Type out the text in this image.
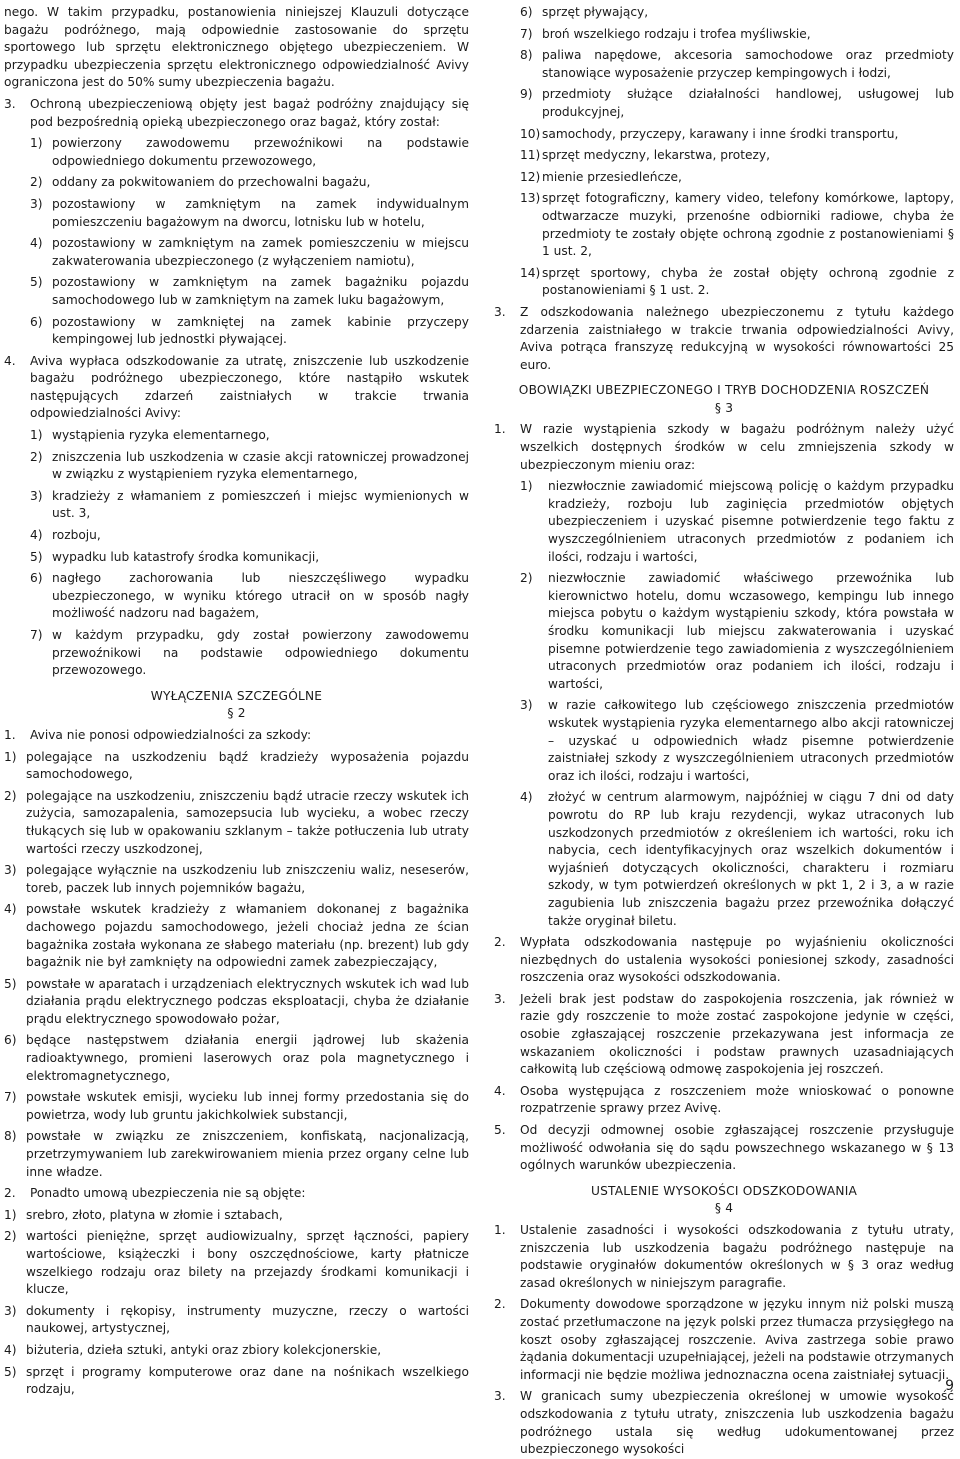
nego. W takim przypadku, postanowienia niniejszej Klauzuli dotyczące bagażu podróżnego, mają odpowiednie zastosowanie do sprzętu sportowego lub sprzętu elektronicznego objętego ubezpieczeniem. W przypadku ubezpieczenia sprzętu elektronicznego odpowiedzialność Avivy ograniczona jest do 50% sumy ubezpieczenia bagażu.

3.	Ochroną ubezpieczeniową objęty jest bagaż podróżny znajdujący się pod bezpośrednią opieką ubezpieczonego oraz bagaż, który został:

1) powierzony zawodowemu przewoźnikowi na podstawie odpowiedniego dokumentu przewozowego,
2) oddany za pokwitowaniem do przechowalni bagażu,
3) pozostawiony w zamkniętym na zamek indywidualnym pomieszczeniu bagażowym na dworcu, lotnisku lub w hotelu,
4) pozostawiony w zamkniętym na zamek pomieszczeniu w miejscu zakwaterowania ubezpieczonego (z wyłączeniem namiotu),
5) pozostawiony w zamkniętym na zamek bagażniku pojazdu samochodowego lub w zamkniętym na zamek luku bagażowym,
6) pozostawiony w zamkniętej na zamek kabinie przyczepy kempingowej lub jednostki pływającej.
4.	Aviva wypłaca odszkodowanie za utratę, zniszczenie lub uszkodzenie bagażu podróżnego ubezpieczonego, które nastąpiło wskutek następujących zdarzeń zaistniałych w trakcie trwania odpowiedzialności Avivy:

1) wystąpienia ryzyka elementarnego,
2) zniszczenia lub uszkodzenia w czasie akcji ratowniczej prowadzonej w związku z wystąpieniem ryzyka elementarnego,
3) kradzieży z włamaniem z pomieszczeń i miejsc wymienionych w ust. 3,
4) rozboju,
5) wypadku lub katastrofy środka komunikacji,
6) nagłego zachorowania lub nieszczęśliwego wypadku ubezpieczonego, w wyniku którego utracił on w sposób nagły możliwość nadzoru nad bagażem,
7) w każdym przypadku, gdy został powierzony zawodowemu przewoźnikowi na podstawie odpowiedniego dokumentu przewozowego.
WYŁĄCZENIA SZCZEGÓLNE
§ 2
1.	Aviva nie ponosi odpowiedzialności za szkody:

1) polegające na uszkodzeniu bądź kradzieży wyposażenia pojazdu samochodowego,
2) polegające na uszkodzeniu, zniszczeniu bądź utracie rzeczy wskutek ich zużycia, samozapalenia, samozepsucia lub wycieku, a wobec rzeczy tłukących się lub w opakowaniu szklanym – także potłuczenia lub utraty wartości rzeczy uszkodzonej,
3) polegające wyłącznie na uszkodzeniu lub zniszczeniu waliz, neseserów, toreb, paczek lub innych pojemników bagażu,
4) powstałe wskutek kradzieży z włamaniem dokonanej z bagażnika dachowego pojazdu samochodowego, jeżeli chociaż jedna ze ścian bagażnika została wykonana ze słabego materiału (np. brezent) lub gdy bagażnik nie był zamknięty na odpowiedni zamek zabezpieczający,
5) powstałe w aparatach i urządzeniach elektrycznych wskutek ich wad lub działania prądu elektrycznego podczas eksploatacji, chyba że działanie prądu elektrycznego spowodowało pożar,
6) będące następstwem działania energii jądrowej lub skażenia radioaktywnego, promieni laserowych oraz pola magnetycznego i elektromagnetycznego,
7) powstałe wskutek emisji, wycieku lub innej formy przedostania się do powietrza, wody lub gruntu jakichkolwiek substancji,
8) powstałe w związku ze zniszczeniem, konfiskatą, nacjonalizacją, przetrzymywaniem lub zarekwirowaniem mienia przez organy celne lub inne władze.
2.	Ponadto umową ubezpieczenia nie są objęte:

1) srebro, złoto, platyna w złomie i sztabach,
2) wartości pieniężne, sprzęt audiowizualny, sprzęt łączności, papiery wartościowe, książeczki i bony oszczędnościowe, karty płatnicze wszelkiego rodzaju oraz bilety na przejazdy środkami komunikacji i klucze,
3) dokumenty i rękopisy, instrumenty muzyczne, rzeczy o wartości naukowej, artystycznej,
4) biżuteria, dzieła sztuki, antyki oraz zbiory kolekcjonerskie,
5) sprzęt i programy komputerowe oraz dane na nośnikach wszelkiego rodzaju,
6) sprzęt pływający,
7) broń wszelkiego rodzaju i trofea myśliwskie,
8) paliwa napędowe, akcesoria samochodowe oraz przedmioty stanowiące wyposażenie przyczep kempingowych i łodzi,
9) przedmioty służące działalności handlowej, usługowej lub produkcyjnej,
10) samochody, przyczepy, karawany i inne środki transportu,
11) sprzęt medyczny, lekarstwa, protezy,
12) mienie przesiedleńcze,
13) sprzęt fotograficzny, kamery video, telefony komórkowe, laptopy, odtwarzacze muzyki, przenośne odbiorniki radiowe, chyba że przedmioty te zostały objęte ochroną zgodnie z postanowieniami § 1 ust. 2,
14) sprzęt sportowy, chyba że został objęty ochroną zgodnie z postanowieniami § 1 ust. 2.
3.	Z odszkodowania należnego ubezpieczonemu z tytułu każdego zdarzenia zaistniałego w trakcie trwania odpowiedzialności Avivy, Aviva potrąca franszyzę redukcyjną w wysokości równowartości 25 euro.
OBOWIĄZKI UBEZPIECZONEGO I TRYB DOCHODZENIA ROSZCZEŃ
§ 3
1.	W razie wystąpienia szkody w bagażu podróżnym należy użyć wszelkich dostępnych środków w celu zmniejszenia szkody w ubezpieczonym mieniu oraz:

1)	niezwłocznie zawiadomić miejscową policję o każdym przypadku kradzieży, rozboju lub zaginięcia przedmiotów objętych ubezpieczeniem i uzyskać pisemne potwierdzenie tego faktu z wyszczególnieniem utraconych przedmiotów z podaniem ich ilości, rodzaju i wartości,
2)	niezwłocznie zawiadomić właściwego przewoźnika lub kierownictwo hotelu, domu wczasowego, kempingu lub innego miejsca pobytu o każdym wystąpieniu szkody, która powstała w środku komunikacji lub miejscu zakwaterowania i uzyskać pisemne potwierdzenie tego zawiadomienia z wyszczególnieniem utraconych przedmiotów oraz podaniem ich ilości, rodzaju i wartości,
3)	w razie całkowitego lub częściowego zniszczenia przedmiotów wskutek wystąpienia ryzyka elementarnego albo akcji ratowniczej – uzyskać u odpowiednich władz pisemne potwierdzenie zaistniałej szkody z wyszczególnieniem utraconych przedmiotów oraz ich ilości, rodzaju i wartości,
4)	złożyć w centrum alarmowym, najpóźniej w ciągu 7 dni od daty powrotu do RP lub kraju rezydencji, wykaz utraconych lub uszkodzonych przedmiotów z określeniem ich wartości, roku ich nabycia, cech identyfikacyjnych oraz wszelkich dokumentów i wyjaśnień dotyczących okoliczności, charakteru i rozmiaru szkody, w tym potwierdzeń określonych w pkt 1, 2 i 3, a w razie zagubienia lub zniszczenia bagażu przez przewoźnika dołączyć także oryginał biletu.
2.	Wypłata odszkodowania następuje po wyjaśnieniu okoliczności niezbędnych do ustalenia wysokości poniesionej szkody, zasadności roszczenia oraz wysokości odszkodowania.
3.	Jeżeli brak jest podstaw do zaspokojenia roszczenia, jak również w razie gdy roszczenie to może zostać zaspokojone jedynie w części, osobie zgłaszającej roszczenie przekazywana jest informacja ze wskazaniem okoliczności i podstaw prawnych uzasadniających całkowitą lub częściową odmowę zaspokojenia jej roszczeń.
4.	Osoba występująca z roszczeniem może wnioskować o ponowne rozpatrzenie sprawy przez Avivę.
5.	Od decyzji odmownej osobie zgłaszającej roszczenie przysługuje możliwość odwołania się do sądu powszechnego wskazanego w § 13 ogólnych warunków ubezpieczenia.
USTALENIE WYSOKOŚCI ODSZKODOWANIA
§ 4
1.	Ustalenie zasadności i wysokości odszkodowania z tytułu utraty, zniszczenia lub uszkodzenia bagażu podróżnego następuje na podstawie oryginałów dokumentów określonych w § 3 oraz według zasad określonych w niniejszym paragrafie.
2.	Dokumenty dowodowe sporządzone w języku innym niż polski muszą zostać przetłumaczone na język polski przez tłumacza przysięgłego na koszt osoby zgłaszającej roszczenie. Aviva zastrzega sobie prawo żądania dokumentacji uzupełniającej, jeżeli na podstawie otrzymanych informacji nie będzie możliwa jednoznaczna ocena zaistniałej sytuacji.
3.	W granicach sumy ubezpieczenia określonej w umowie wysokość odszkodowania z tytułu utraty, zniszczenia lub uszkodzenia bagażu podróżnego ustala się według udokumentowanej przez ubezpieczonego wysokości
9
